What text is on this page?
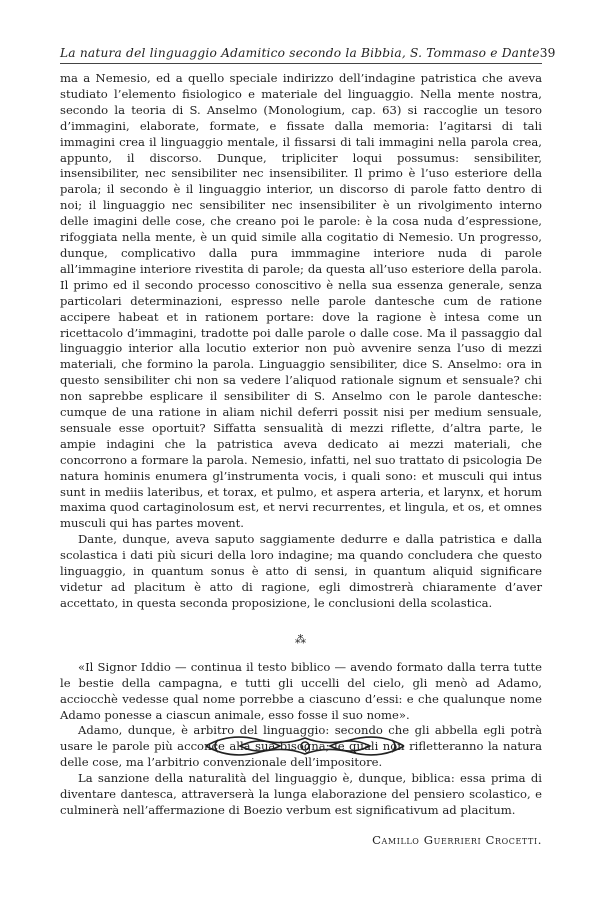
La natura del linguaggio Adamitico secondo la Bibbia, S. Tommaso e Dante 39

ma a Nemesio, ed a quello speciale indirizzo dell’indagine patristica che aveva studiato l’elemento fisiologico e materiale del linguaggio. Nella mente nostra, secondo la teoria di S. Anselmo (Monologium, cap. 63) si raccoglie un tesoro d’immagini, elaborate, formate, e fissate dalla memoria: l’agitarsi di tali immagini crea il linguaggio mentale, il fissarsi di tali immagini nella parola crea, appunto, il discorso. Dunque, tripliciter loqui possumus: sensibiliter, insensibiliter, nec sensibiliter nec insensibiliter. Il primo è l’uso esteriore della parola; il secondo è il linguaggio interior, un discorso di parole fatto dentro di noi; il linguaggio nec sensibiliter nec insensibiliter è un rivolgimento interno delle imagini delle cose, che creano poi le parole: è la cosa nuda d’espressione, rifoggiata nella mente, è un quid simile alla cogitatio di Nemesio. Un progresso, dunque, complicativo dalla pura immmagine interiore nuda di parole all’immagine interiore rivestita di parole; da questa all’uso esteriore della parola. Il primo ed il secondo processo conoscitivo è nella sua essenza generale, senza particolari determinazioni, espresso nelle parole dantesche cum de ratione accipere habeat et in rationem portare: dove la ragione è intesa come un ricettacolo d’immagini, tradotte poi dalle parole o dalle cose. Ma il passaggio dal linguaggio interior alla locutio exterior non può avvenire senza l’uso di mezzi materiali, che formino la parola. Linguaggio sensibiliter, dice S. Anselmo: ora in questo sensibiliter chi non sa vedere l’aliquod rationale signum et sensuale? chi non saprebbe esplicare il sensibiliter di S. Anselmo con le parole dantesche: cumque de una ratione in aliam nichil deferri possit nisi per medium sensuale, sensuale esse oportuit? Siffatta sensualità di mezzi riflette, d’altra parte, le ampie indagini che la patristica aveva dedicato ai mezzi materiali, che concorrono a formare la parola. Nemesio, infatti, nel suo trattato di psicologia De natura hominis enumera gl’instrumenta vocis, i quali sono: et musculi qui intus sunt in mediis lateribus, et torax, et pulmo, et aspera arteria, et larynx, et horum maxima quod cartaginolosum est, et nervi recurrentes, et lingula, et os, et omnes musculi qui has partes movent.

Dante, dunque, aveva saputo saggiamente dedurre e dalla patristica e dalla scolastica i dati più sicuri della loro indagine; ma quando concludera che questo linguaggio, in quantum sonus è atto di sensi, in quantum aliquid significare videtur ad placitum è atto di ragione, egli dimostrerà chiaramente d’aver accettato, in questa seconda proposizione, le conclusioni della scolastica.

⁂

«Il Signor Iddio — continua il testo biblico — avendo formato dalla terra tutte le bestie della campagna, e tutti gli uccelli del cielo, gli menò ad Adamo, acciocchè vedesse qual nome porrebbe a ciascuno d’essi: e che qualunque nome Adamo ponesse a ciascun animale, esso fosse il suo nome».

Adamo, dunque, è arbitro del linguaggio: secondo che gli abbella egli potrà usare le parole più acconce alla sua bisogna; le quali non rifletteranno la natura delle cose, ma l’arbitrio convenzionale dell’impositore.

La sanzione della naturalità del linguaggio è, dunque, biblica: essa prima di diventare dantesca, attraverserà la lunga elaborazione del pensiero scolastico, e culminerà nell’affermazione di Boezio verbum est significativum ad placitum.

Camillo Guerrieri Crocetti.
